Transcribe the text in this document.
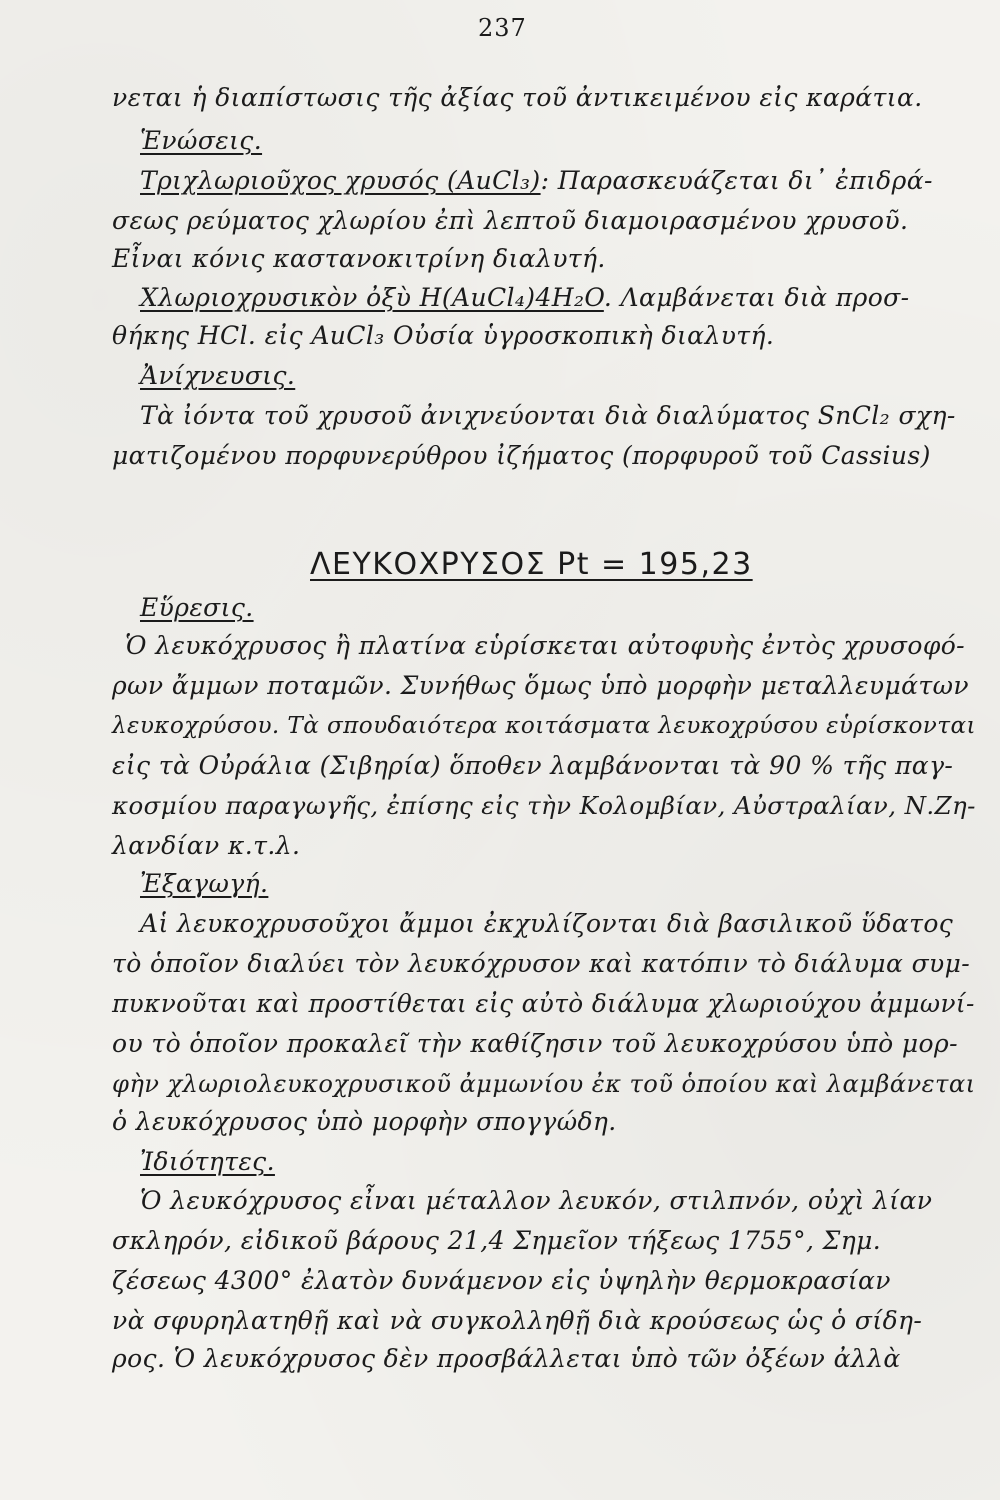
237
νεται ἡ διαπίστωσις τῆς ἀξίας τοῦ ἀντικειμένου εἰς καράτια.
Ἑνώσεις.
Τριχλωριοῦχος χρυσός (AuCl₃): Παρασκευάζεται δι᾽ ἐπιδρά-
σεως ρεύματος χλωρίου ἐπὶ λεπτοῦ διαμοιρασμένου χρυσοῦ.
Εἶναι κόνις καστανοκιτρίνη διαλυτή.
Χλωριοχρυσικὸν ὀξὺ H(AuCl₄)4H₂O. Λαμβάνεται διὰ προσ-
θήκης HCl. εἰς AuCl₃ Οὐσία ὑγροσκοπικὴ διαλυτή.
Ἀνίχνευσις.
Τὰ ἰόντα τοῦ χρυσοῦ ἀνιχνεύονται διὰ διαλύματος SnCl₂ σχη-
ματιζομένου πορφυνερύθρου ἰζήματος (πορφυροῦ τοῦ Cassius)
ΛΕΥΚΟΧΡΥΣΟΣ Pt = 195,23
Εὕρεσις.
Ὁ λευκόχρυσος ἢ πλατίνα εὑρίσκεται αὐτοφυὴς ἐντὸς χρυσοφό-
ρων ἄμμων ποταμῶν. Συνήθως ὅμως ὑπὸ μορφὴν μεταλλευμάτων
λευκοχρύσου. Τὰ σπουδαιότερα κοιτάσματα λευκοχρύσου εὑρίσκονται
εἰς τὰ Οὐράλια (Σιβηρία) ὅποθεν λαμβάνονται τὰ 90 % τῆς παγ-
κοσμίου παραγωγῆς, ἐπίσης εἰς τὴν Κολομβίαν, Αὐστραλίαν, Ν.Ζη-
λανδίαν κ.τ.λ.
Ἐξαγωγή.
Αἱ λευκοχρυσοῦχοι ἄμμοι ἐκχυλίζονται διὰ βασιλικοῦ ὕδατος
τὸ ὁποῖον διαλύει τὸν λευκόχρυσον καὶ κατόπιν τὸ διάλυμα συμ-
πυκνοῦται καὶ προστίθεται εἰς αὐτὸ διάλυμα χλωριούχου ἀμμωνί-
ου τὸ ὁποῖον προκαλεῖ τὴν καθίζησιν τοῦ λευκοχρύσου ὑπὸ μορ-
φὴν χλωριολευκοχρυσικοῦ ἀμμωνίου ἐκ τοῦ ὁποίου καὶ λαμβάνεται
ὁ λευκόχρυσος ὑπὸ μορφὴν σπογγώδη.
Ἰδιότητες.
Ὁ λευκόχρυσος εἶναι μέταλλον λευκόν, στιλπνόν, οὐχὶ λίαν
σκληρόν, εἰδικοῦ βάρους 21,4 Σημεῖον τήξεως 1755°, Σημ.
ζέσεως 4300° ἐλατὸν δυνάμενον εἰς ὑψηλὴν θερμοκρασίαν
νὰ σφυρηλατηθῇ καὶ νὰ συγκολληθῇ διὰ κρούσεως ὡς ὁ σίδη-
ρος. Ὁ λευκόχρυσος δὲν προσβάλλεται ὑπὸ τῶν ὀξέων ἀλλὰ
